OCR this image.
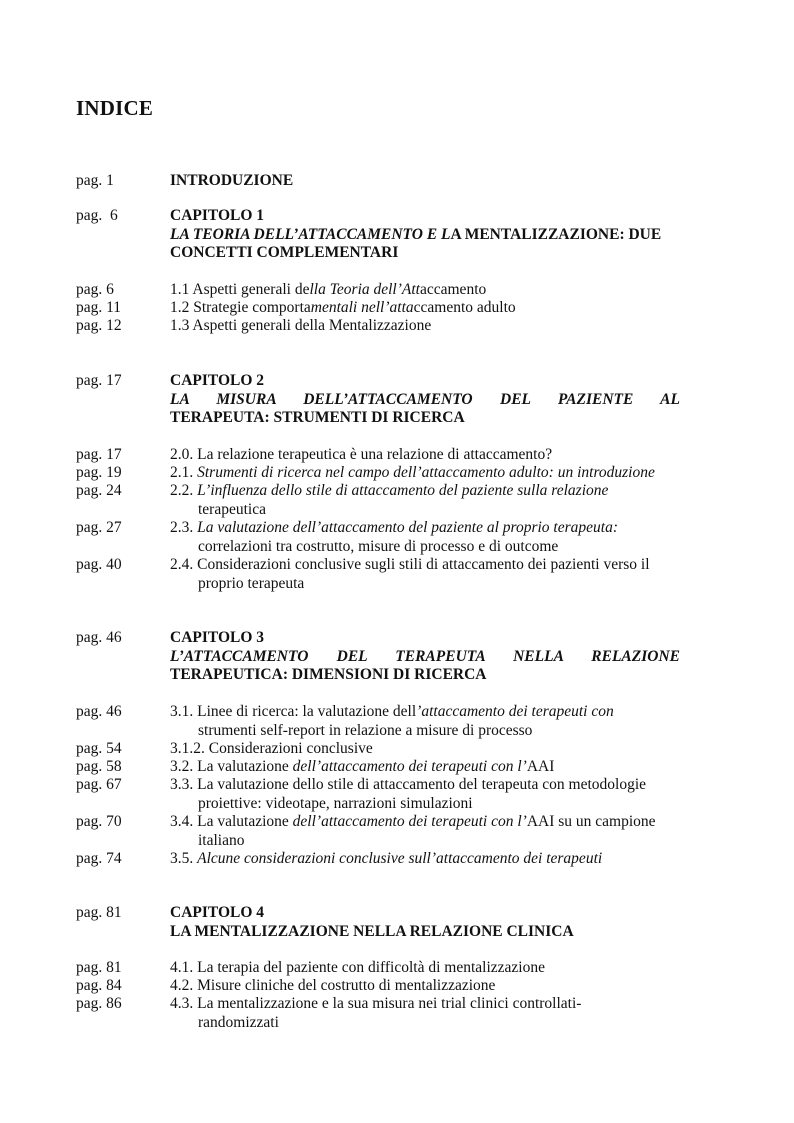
INDICE
pag. 1	INTRODUZIONE
pag.  6	CAPITOLO 1
LA TEORIA DELL’ATTACCAMENTO E LA MENTALIZZAZIONE: DUE
CONCETTI COMPLEMENTARI
pag. 6	1.1 Aspetti generali della Teoria dell’Attaccamento
pag. 11	1.2 Strategie comportamentali nell’attaccamento adulto
pag. 12	1.3 Aspetti generali della Mentalizzazione
pag. 17	CAPITOLO 2
LA MISURA DELL’ATTACCAMENTO DEL PAZIENTE AL
TERAPEUTA: STRUMENTI DI RICERCA
pag. 17	2.0. La relazione terapeutica è una relazione di attaccamento?
pag. 19	2.1. Strumenti di ricerca nel campo dell’attaccamento adulto: un introduzione
pag. 24	2.2. L’influenza dello stile di attaccamento del paziente sulla relazione
terapeutica
pag. 27	2.3. La valutazione dell’attaccamento del paziente al proprio terapeuta:
correlazioni tra costrutto, misure di processo e di outcome
pag. 40	2.4. Considerazioni conclusive sugli stili di attaccamento dei pazienti verso il
proprio terapeuta
pag. 46	CAPITOLO 3
L’ATTACCAMENTO DEL TERAPEUTA NELLA RELAZIONE
TERAPEUTICA: DIMENSIONI DI RICERCA
pag. 46	3.1. Linee di ricerca: la valutazione dell’attaccamento dei terapeuti con
strumenti self-report in relazione a misure di processo
pag. 54	3.1.2. Considerazioni conclusive
pag. 58	3.2. La valutazione dell’attaccamento dei terapeuti con l’AAI
pag. 67	3.3. La valutazione dello stile di attaccamento del terapeuta con metodologie
proiettive: videotape, narrazioni simulazioni
pag. 70	3.4. La valutazione dell’attaccamento dei terapeuti con l’AAI su un campione
italiano
pag. 74	3.5. Alcune considerazioni conclusive sull’attaccamento dei terapeuti
pag. 81	CAPITOLO 4
LA MENTALIZZAZIONE NELLA RELAZIONE CLINICA
pag. 81	4.1. La terapia del paziente con difficoltà di mentalizzazione
pag. 84	4.2. Misure cliniche del costrutto di mentalizzazione
pag. 86	4.3. La mentalizzazione e la sua misura nei trial clinici controllati-
randomizzati
